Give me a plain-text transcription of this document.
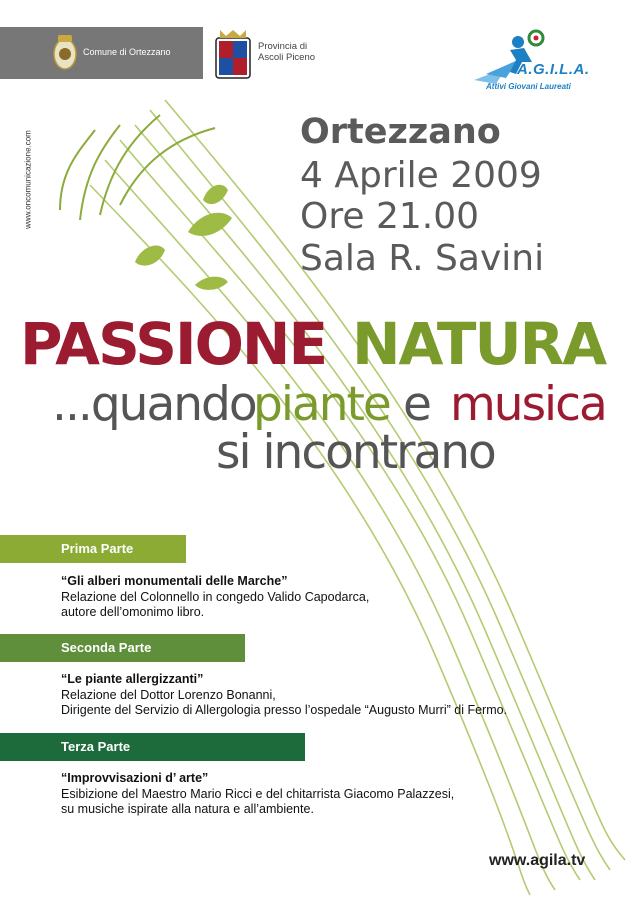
Comune di Ortezzano	Provincia di
Ascoli Piceno
A.G.I.L.A.
Attivi Giovani Laureati
www.oncomunicazione.com	Ortezzano
4 Aprile 2009
Ore 21.00
Sala R. Savini
PASSIONE NATURA
...quando
piante e musica
si incontrano
Prima Parte
“Gli alberi monumentali delle Marche”
Relazione del Colonnello in congedo Valido Capodarca,
autore dell’omonimo libro.
Seconda Parte
“Le piante allergizzanti”
Relazione del Dottor Lorenzo Bonanni,
Dirigente del Servizio di Allergologia presso l’ospedale “Augusto Murri” di Fermo.
Terza Parte
“Improvvisazioni d’ arte”
Esibizione del Maestro Mario Ricci e del chitarrista Giacomo Palazzesi,
su musiche ispirate alla natura e all’ambiente.
www.agila.tv
